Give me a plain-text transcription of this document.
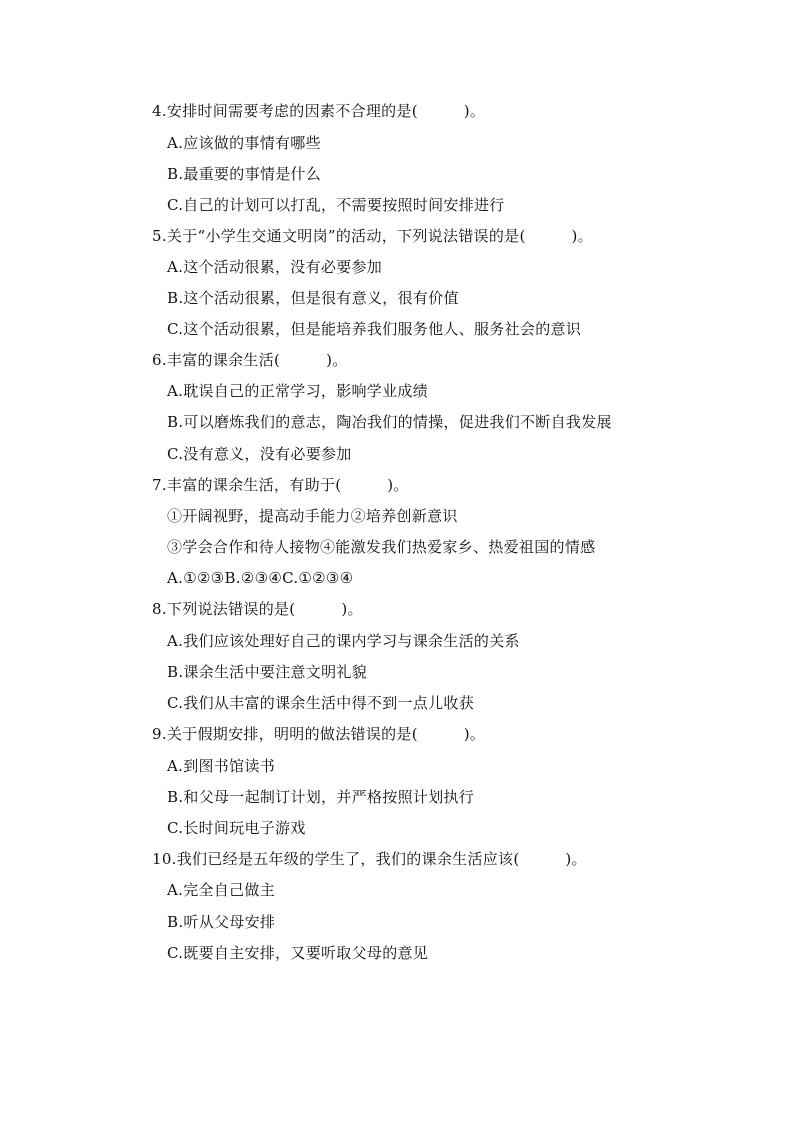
4.安排时间需要考虑的因素不合理的是(　　　)。
A.应该做的事情有哪些
B.最重要的事情是什么
C.自己的计划可以打乱，不需要按照时间安排进行
5.关于“小学生交通文明岗”的活动，下列说法错误的是(　　　)。
A.这个活动很累，没有必要参加
B.这个活动很累，但是很有意义，很有价值
C.这个活动很累，但是能培养我们服务他人、服务社会的意识
6.丰富的课余生活(　　　)。
A.耽误自己的正常学习，影响学业成绩
B.可以磨炼我们的意志，陶冶我们的情操，促进我们不断自我发展
C.没有意义，没有必要参加
7.丰富的课余生活，有助于(　　　)。
①开阔视野，提高动手能力②培养创新意识
③学会合作和待人接物④能激发我们热爱家乡、热爱祖国的情感
A.①②③B.②③④C.①②③④
8.下列说法错误的是(　　　)。
A.我们应该处理好自己的课内学习与课余生活的关系
B.课余生活中要注意文明礼貌
C.我们从丰富的课余生活中得不到一点儿收获
9.关于假期安排，明明的做法错误的是(　　　)。
A.到图书馆读书
B.和父母一起制订计划，并严格按照计划执行
C.长时间玩电子游戏
10.我们已经是五年级的学生了，我们的课余生活应该(　　　)。
A.完全自己做主
B.听从父母安排
C.既要自主安排，又要听取父母的意见
